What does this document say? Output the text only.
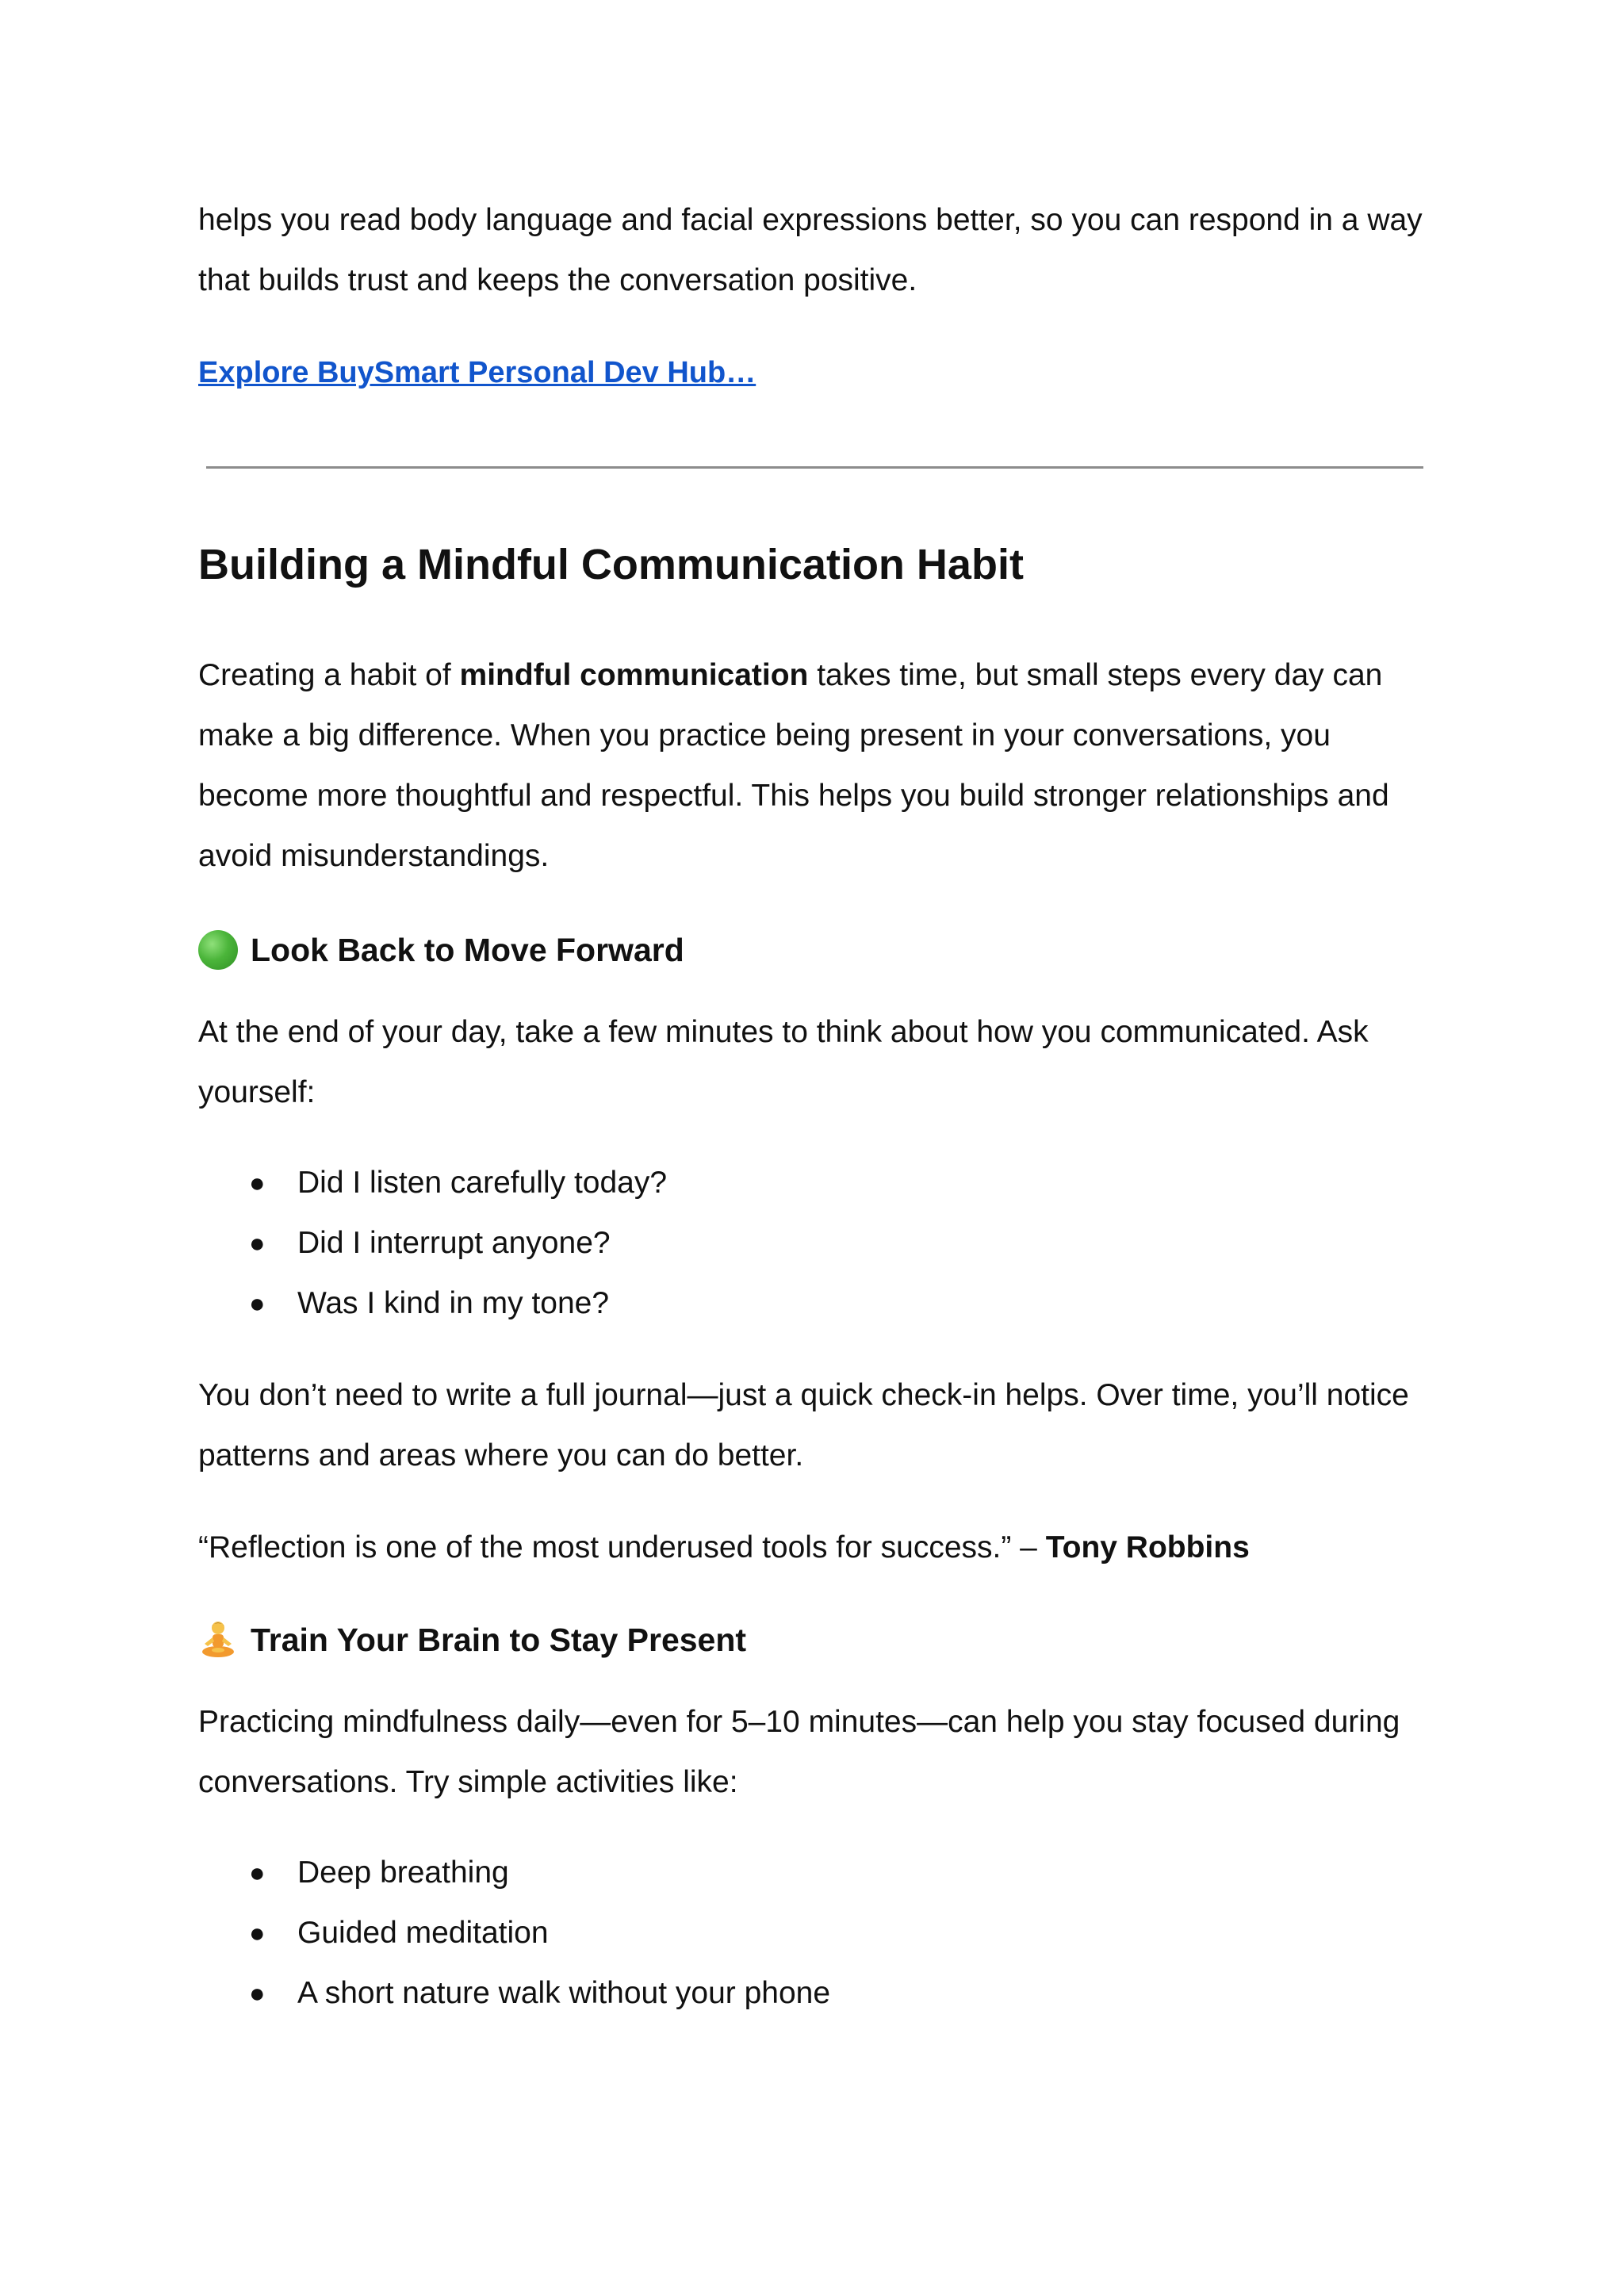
helps you read body language and facial expressions better, so you can respond in a way that builds trust and keeps the conversation positive.

Explore BuySmart Personal Dev Hub…

Building a Mindful Communication Habit

Creating a habit of mindful communication takes time, but small steps every day can make a big difference. When you practice being present in your conversations, you become more thoughtful and respectful. This helps you build stronger relationships and avoid misunderstandings.

Look Back to Move Forward

At the end of your day, take a few minutes to think about how you communicated. Ask yourself:

● Did I listen carefully today?
● Did I interrupt anyone?
● Was I kind in my tone?

You don’t need to write a full journal—just a quick check-in helps. Over time, you’ll notice patterns and areas where you can do better.

“Reflection is one of the most underused tools for success.” – Tony Robbins

Train Your Brain to Stay Present

Practicing mindfulness daily—even for 5–10 minutes—can help you stay focused during conversations. Try simple activities like:

● Deep breathing
● Guided meditation
● A short nature walk without your phone
